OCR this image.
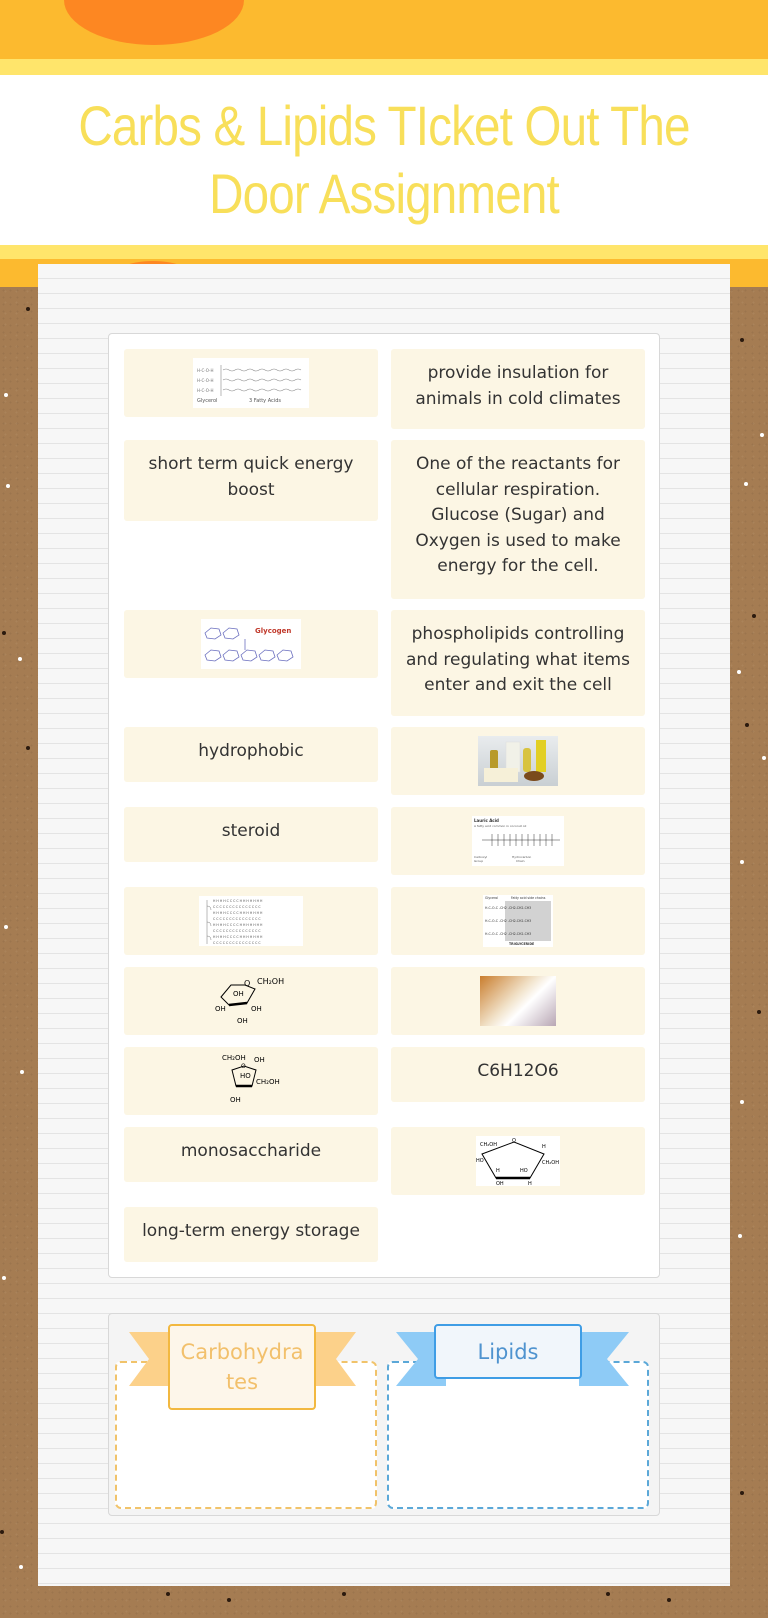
Carbs & Lipids TIcket Out The Door Assignment
H-C-O-H
H-C-O-H
H-C-O-H
Glycerol	3 Fatty Acids
provide insulation for animals in cold climates
short term quick energy boost
One of the reactants for cellular respiration. Glucose (Sugar) and Oxygen is used to make energy for the cell.
Glycogen	phospholipids controlling and regulating what items enter and exit the cell
hydrophobic
steroid
Lauric Acid
A fatty acid common in coconut oil
Carboxyl	Hydrocarbon
Group	Chain
H H H H C C C C H H H H H H H
C C C C C C C C C C C C C C C
H H H H C C C C H H H H H H H
C C C C C C C C C C C C C C C
H H H H C C C C H H H H H H H
C C C C C C C C C C C C C C C
H H H H C C C C H H H H H H H
C C C C C C C C C C C C C C C
Glycerol	Fatty acid side chains
H-C-O-C -CH2 -CH2-CH2-CH3
H-C-O-C -CH2 -CH2-CH2-CH3
H-C-O-C -CH2 -CH2-CH2-CH3
TRIGLYCERIDE
O CH₂OH
OH
OH	OH
OH
CH₂OH OH
O
HO
CH₂OH
OH
C6H12O6
monosaccharide	CH₂OH
O
H
HO
H	HO
CH₂OH
OH	H
long-term energy storage
Carbohydra tes
Lipids
